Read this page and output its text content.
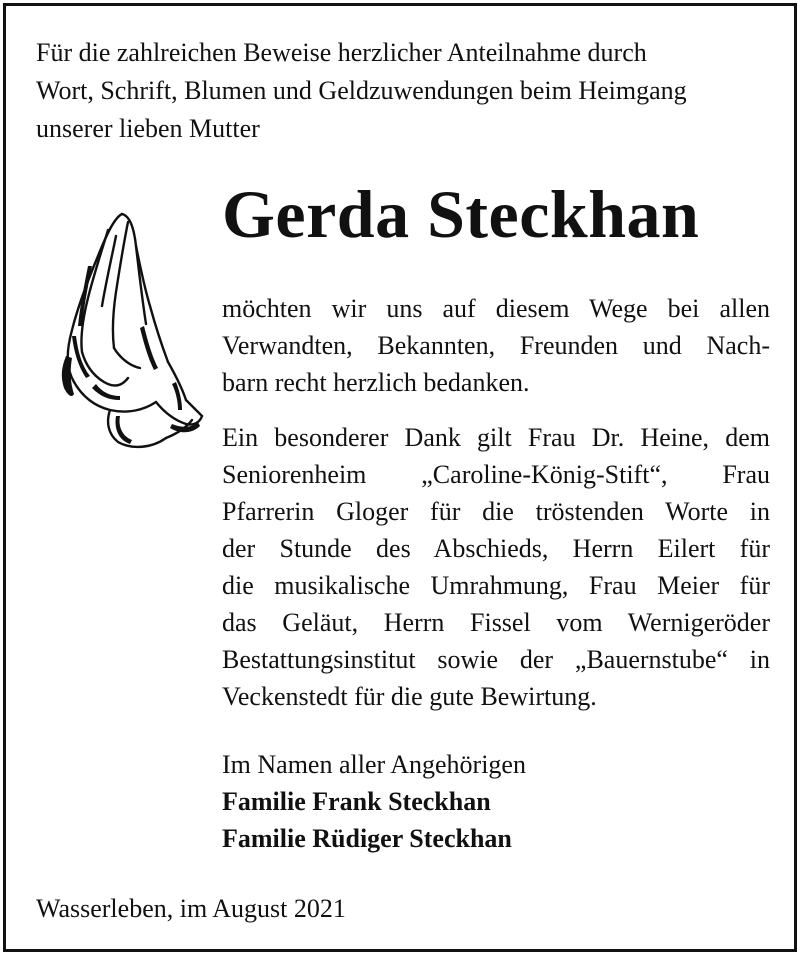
Für die zahlreichen Beweise herzlicher Anteilnahme durch
Wort, Schrift, Blumen und Geldzuwendungen beim Heimgang
unserer lieben Mutter
Gerda Steckhan
möchten wir uns auf diesem Wege bei allen
Verwandten, Bekannten, Freunden und Nach-
barn recht herzlich bedanken.
Ein besonderer Dank gilt Frau Dr. Heine, dem
Seniorenheim „Caroline-König-Stift“, Frau
Pfarrerin Gloger für die tröstenden Worte in
der Stunde des Abschieds, Herrn Eilert für
die musikalische Umrahmung, Frau Meier für
das Geläut, Herrn Fissel vom Wernigeröder
Bestattungsinstitut sowie der „Bauernstube“ in
Veckenstedt für die gute Bewirtung.
Im Namen aller Angehörigen
Familie Frank Steckhan
Familie Rüdiger Steckhan
Wasserleben, im August 2021
